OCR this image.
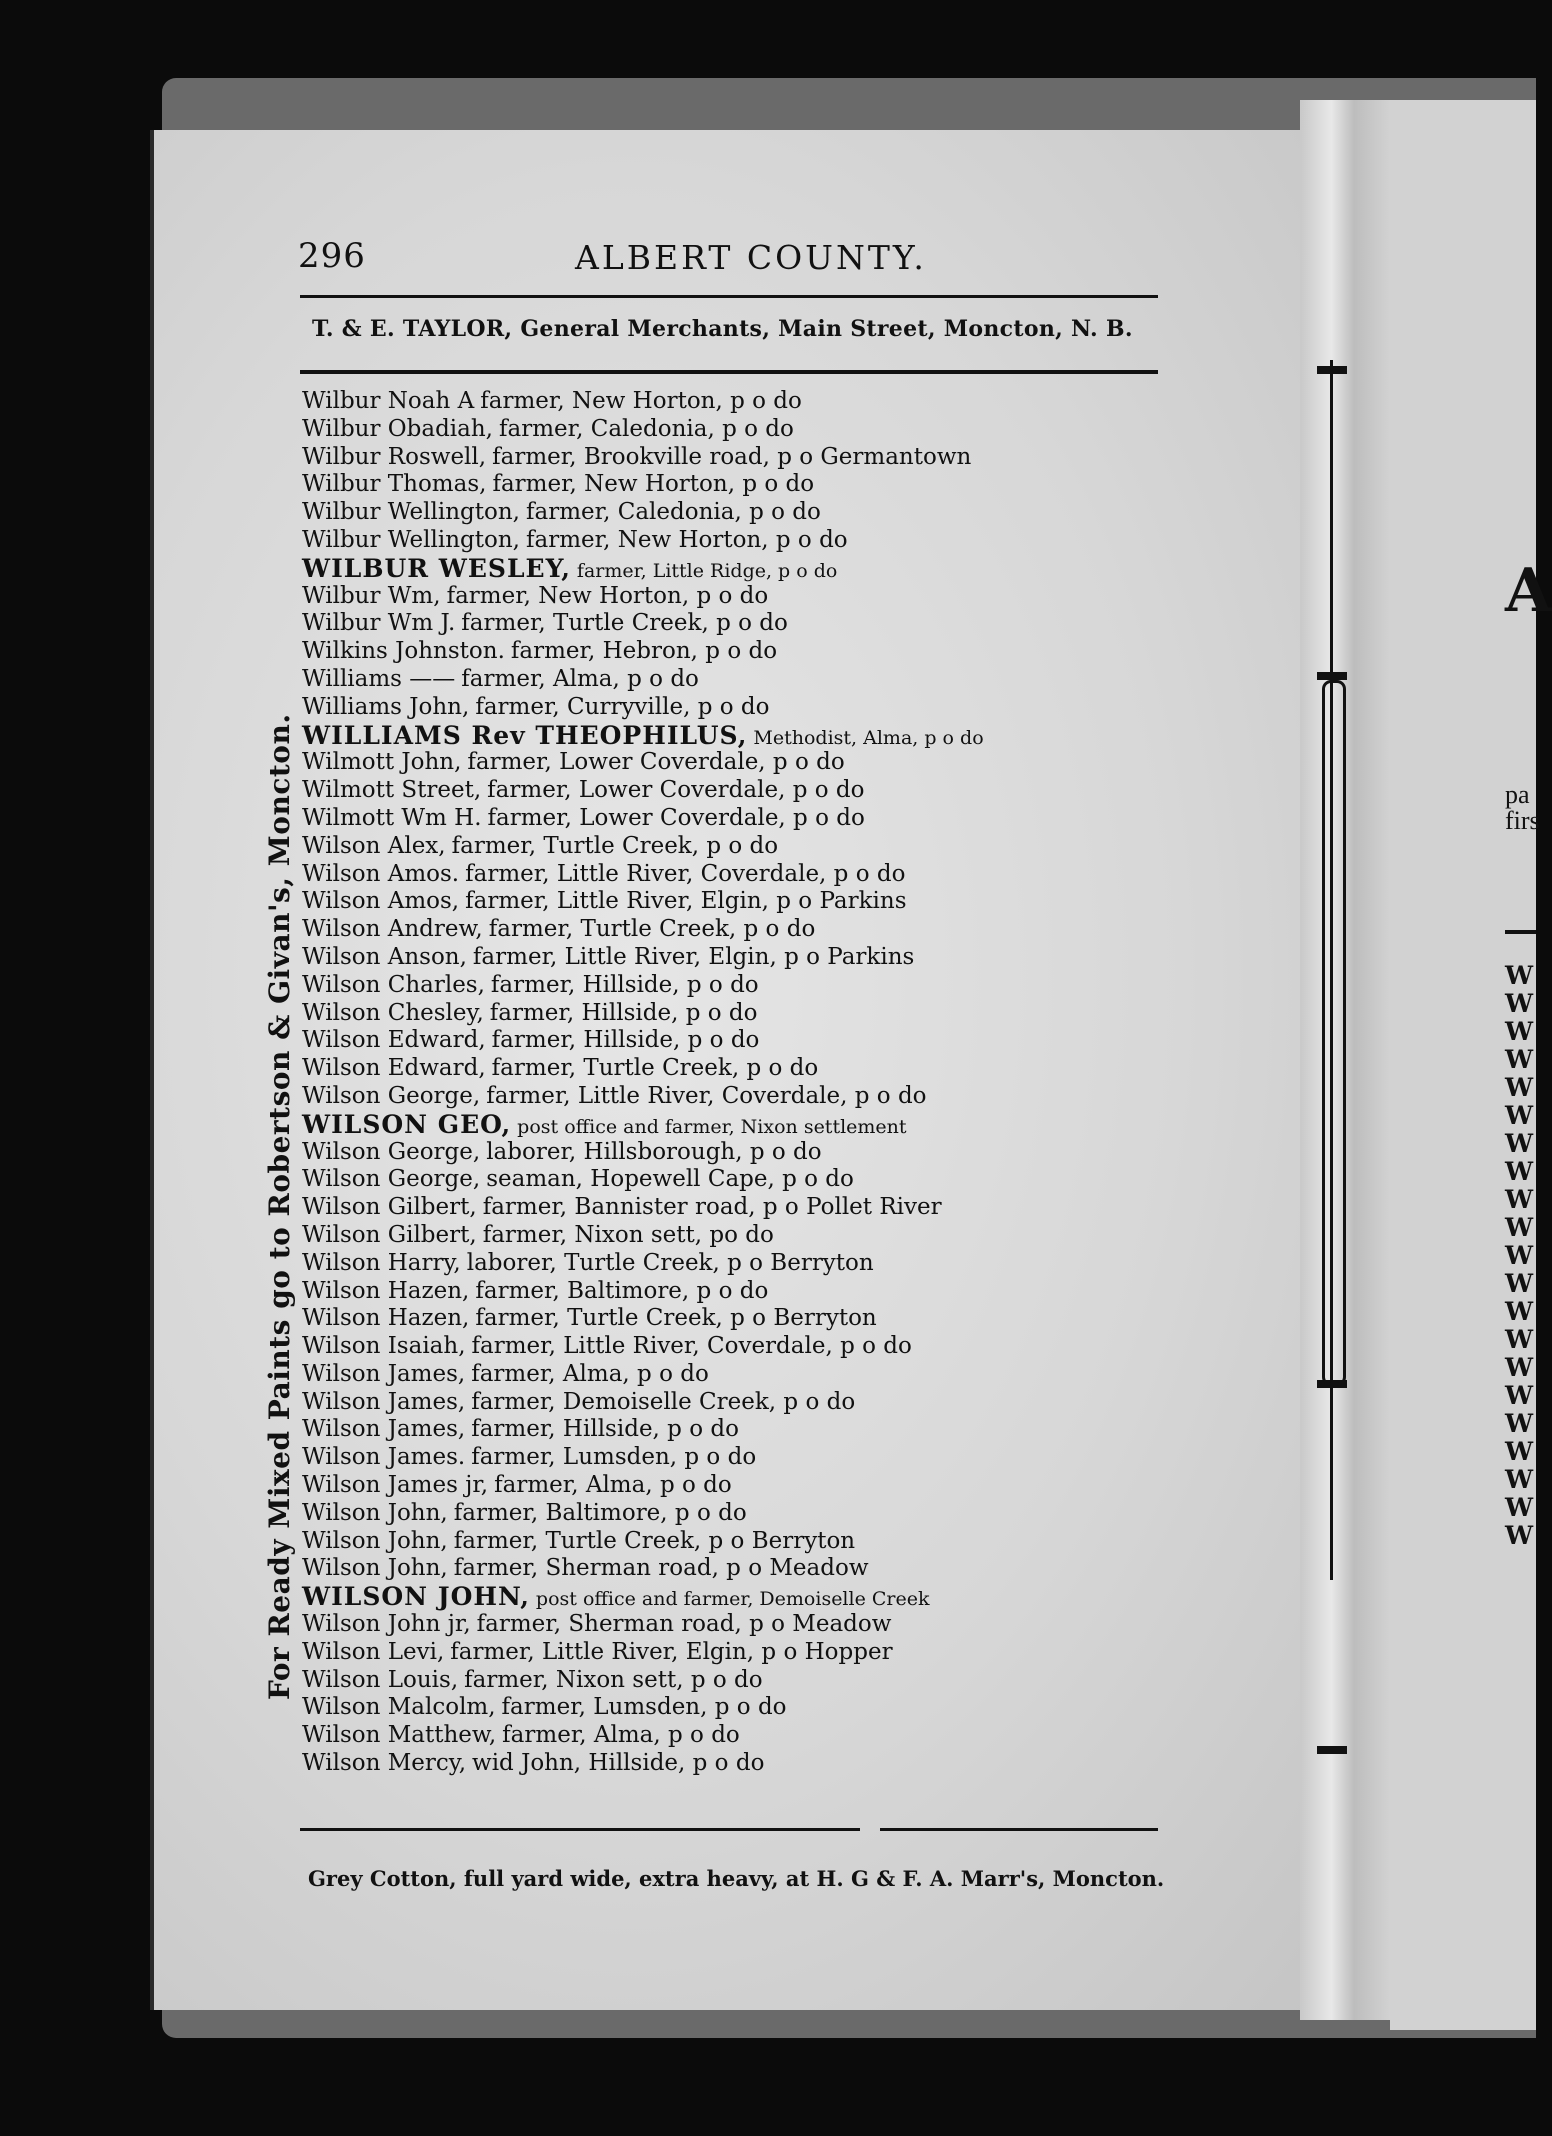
296	ALBERT COUNTY.
T. & E. TAYLOR, General Merchants, Main Street, Moncton, N. B.
Wilbur Noah A farmer, New Horton, p o do
Wilbur Obadiah, farmer, Caledonia, p o do
Wilbur Roswell, farmer, Brookville road, p o Germantown
Wilbur Thomas, farmer, New Horton, p o do
Wilbur Wellington, farmer, Caledonia, p o do
Wilbur Wellington, farmer, New Horton, p o do
WILBUR WESLEY, farmer, Little Ridge, p o do
Wilbur Wm, farmer, New Horton, p o do
Wilbur Wm J. farmer, Turtle Creek, p o do
Wilkins Johnston. farmer, Hebron, p o do
Williams —— farmer, Alma, p o do
Williams John, farmer, Curryville, p o do
WILLIAMS Rev THEOPHILUS, Methodist, Alma, p o do
Wilmott John, farmer, Lower Coverdale, p o do
Wilmott Street, farmer, Lower Coverdale, p o do
Wilmott Wm H. farmer, Lower Coverdale, p o do
Wilson Alex, farmer, Turtle Creek, p o do
Wilson Amos. farmer, Little River, Coverdale, p o do
Wilson Amos, farmer, Little River, Elgin, p o Parkins
Wilson Andrew, farmer, Turtle Creek, p o do
Wilson Anson, farmer, Little River, Elgin, p o Parkins
Wilson Charles, farmer, Hillside, p o do
Wilson Chesley, farmer, Hillside, p o do
Wilson Edward, farmer, Hillside, p o do
Wilson Edward, farmer, Turtle Creek, p o do
Wilson George, farmer, Little River, Coverdale, p o do
WILSON GEO, post office and farmer, Nixon settlement
Wilson George, laborer, Hillsborough, p o do
Wilson George, seaman, Hopewell Cape, p o do
Wilson Gilbert, farmer, Bannister road, p o Pollet River
Wilson Gilbert, farmer, Nixon sett, po do
Wilson Harry, laborer, Turtle Creek, p o Berryton
Wilson Hazen, farmer, Baltimore, p o do
Wilson Hazen, farmer, Turtle Creek, p o Berryton
Wilson Isaiah, farmer, Little River, Coverdale, p o do
Wilson James, farmer, Alma, p o do
Wilson James, farmer, Demoiselle Creek, p o do
Wilson James, farmer, Hillside, p o do
Wilson James. farmer, Lumsden, p o do
Wilson James jr, farmer, Alma, p o do
Wilson John, farmer, Baltimore, p o do
Wilson John, farmer, Turtle Creek, p o Berryton
Wilson John, farmer, Sherman road, p o Meadow
WILSON JOHN, post office and farmer, Demoiselle Creek
Wilson John jr, farmer, Sherman road, p o Meadow
Wilson Levi, farmer, Little River, Elgin, p o Hopper
Wilson Louis, farmer, Nixon sett, p o do
Wilson Malcolm, farmer, Lumsden, p o do
Wilson Matthew, farmer, Alma, p o do
Wilson Mercy, wid John, Hillside, p o do
Grey Cotton, full yard wide, extra heavy, at H. G & F. A. Marr's, Moncton.
For Ready Mixed Paints go to Robertson & Givan's, Moncton.
A
pa
firs
W
W
W
W
W
W
W
W
W
W
W
W
W
W
W
W
W
W
W
W
W
